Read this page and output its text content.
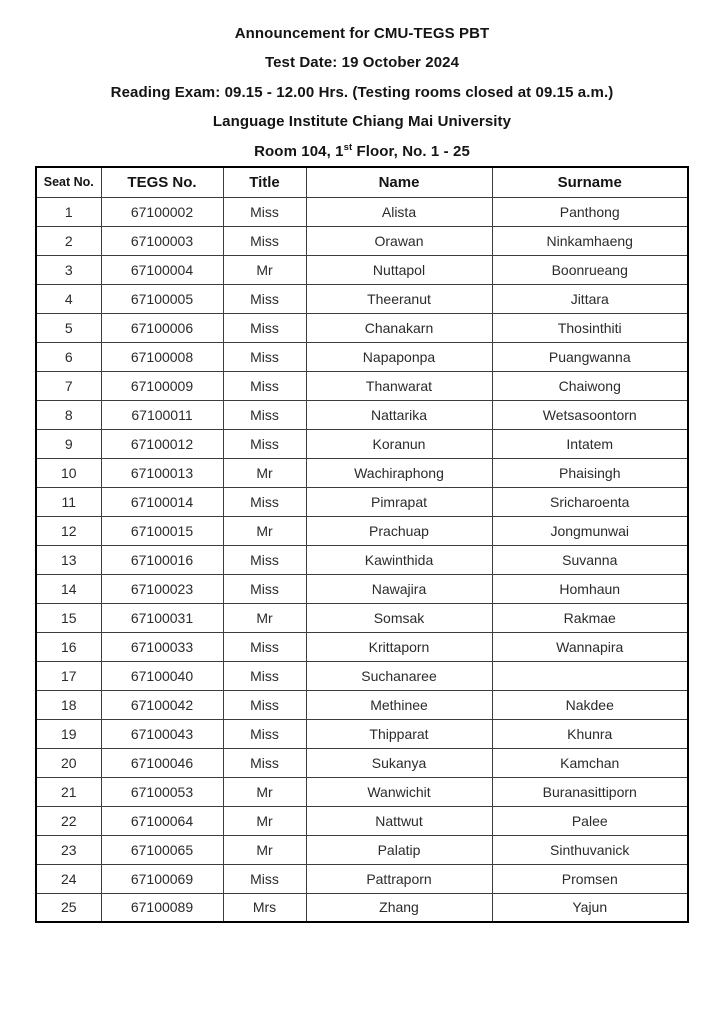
Announcement for CMU-TEGS PBT
Test Date: 19 October 2024
Reading Exam: 09.15 - 12.00 Hrs. (Testing rooms closed at 09.15 a.m.)
Language Institute Chiang Mai University
Room 104, 1st Floor, No. 1 - 25
Seat No.	TEGS No.	Title	Name	Surname
1	67100002	Miss	Alista	Panthong
2	67100003	Miss	Orawan	Ninkamhaeng
3	67100004	Mr	Nuttapol	Boonrueang
4	67100005	Miss	Theeranut	Jittara
5	67100006	Miss	Chanakarn	Thosinthiti
6	67100008	Miss	Napaponpa	Puangwanna
7	67100009	Miss	Thanwarat	Chaiwong
8	67100011	Miss	Nattarika	Wetsasoontorn
9	67100012	Miss	Koranun	Intatem
10	67100013	Mr	Wachiraphong	Phaisingh
11	67100014	Miss	Pimrapat	Sricharoenta
12	67100015	Mr	Prachuap	Jongmunwai
13	67100016	Miss	Kawinthida	Suvanna
14	67100023	Miss	Nawajira	Homhaun
15	67100031	Mr	Somsak	Rakmae
16	67100033	Miss	Krittaporn	Wannapira
17	67100040	Miss	Suchanaree	
18	67100042	Miss	Methinee	Nakdee
19	67100043	Miss	Thipparat	Khunra
20	67100046	Miss	Sukanya	Kamchan
21	67100053	Mr	Wanwichit	Buranasittiporn
22	67100064	Mr	Nattwut	Palee
23	67100065	Mr	Palatip	Sinthuvanick
24	67100069	Miss	Pattraporn	Promsen
25	67100089	Mrs	Zhang	Yajun
